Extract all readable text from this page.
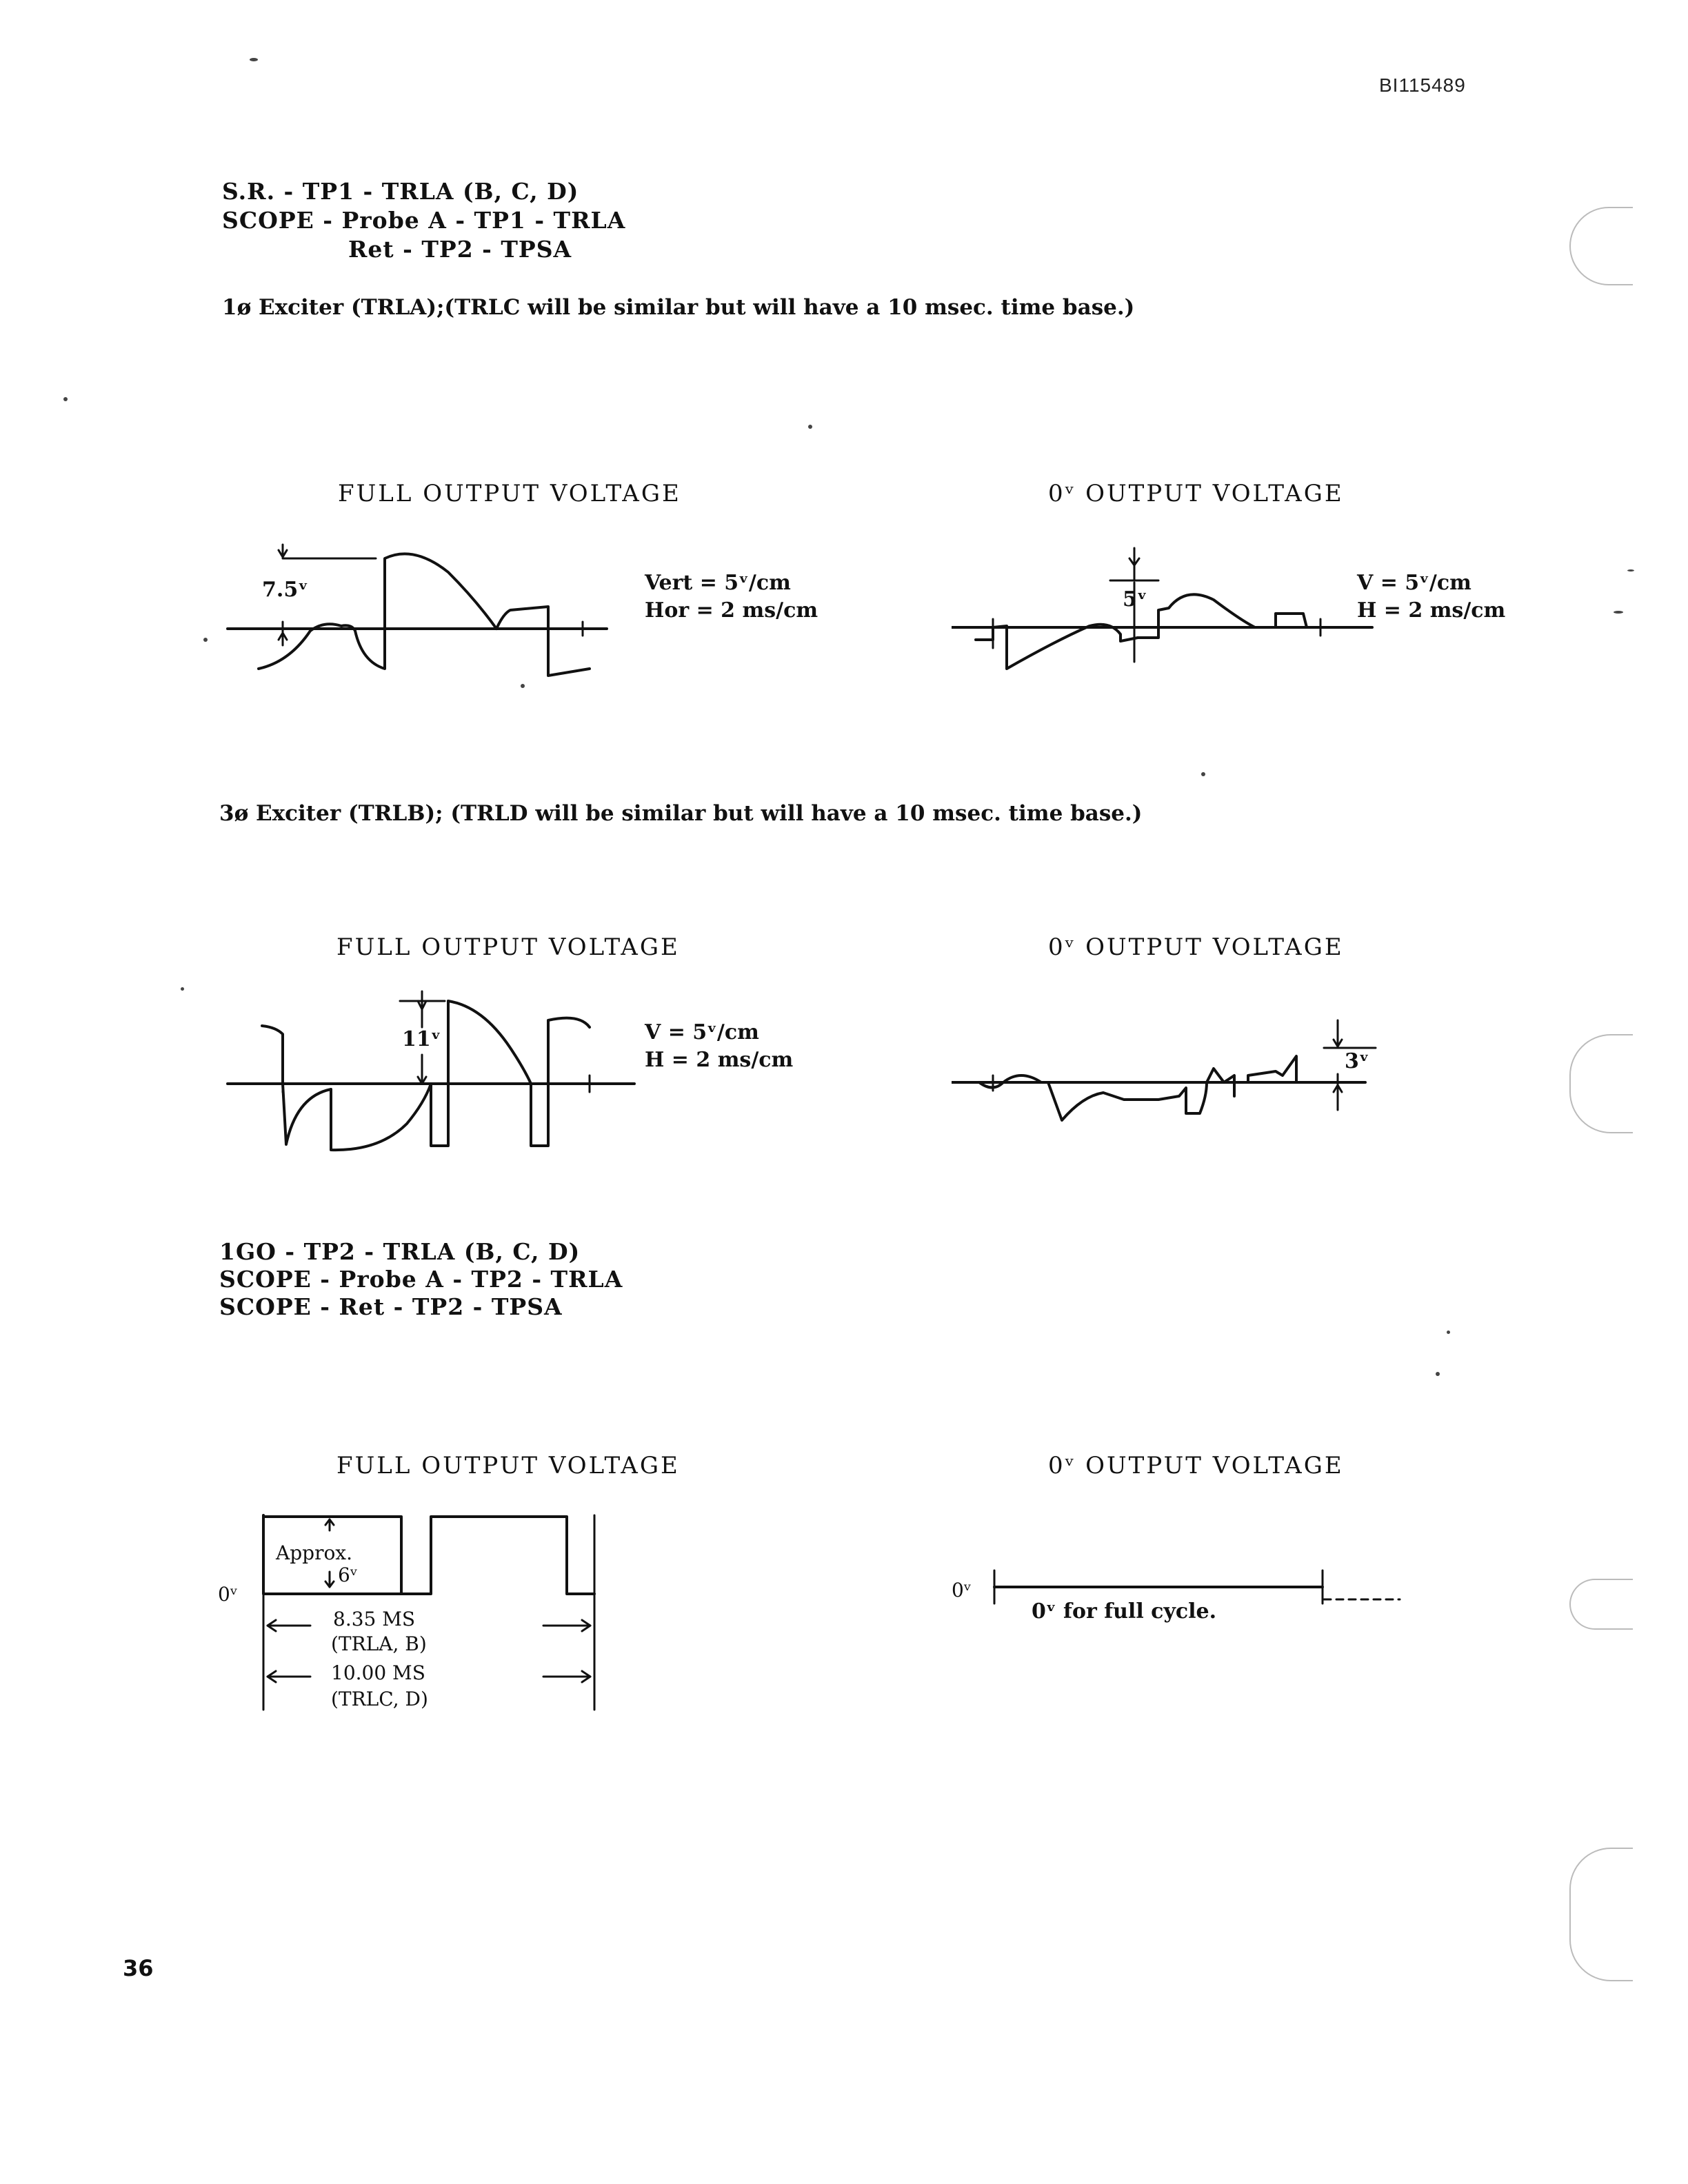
BI115489
S.R. - TP1 - TRLA (B, C, D)
SCOPE - Probe A - TP1 - TRLA
Ret - TP2 - TPSA
1ø Exciter (TRLA);(TRLC will be similar but will have a 10 msec. time base.)
FULL OUTPUT VOLTAGE	0ᵛ OUTPUT VOLTAGE
7.5ᵛ	Vert = 5ᵛ/cm
Hor = 2 ms/cm	5ᵛ
V = 5ᵛ/cm
H = 2 ms/cm
3ø Exciter (TRLB); (TRLD will be similar but will have a 10 msec. time base.)
FULL OUTPUT VOLTAGE	0ᵛ OUTPUT VOLTAGE
11ᵛ	V = 5ᵛ/cm
H = 2 ms/cm	3ᵛ
1GO - TP2 - TRLA (B, C, D)
SCOPE - Probe A - TP2 - TRLA
SCOPE - Ret - TP2 - TPSA
FULL OUTPUT VOLTAGE	0ᵛ OUTPUT VOLTAGE
0ᵛ
Approx.
6ᵛ
8.35 MS
(TRLA, B)
10.00 MS
(TRLC, D)
0ᵛ
0ᵛ for full cycle.
36
